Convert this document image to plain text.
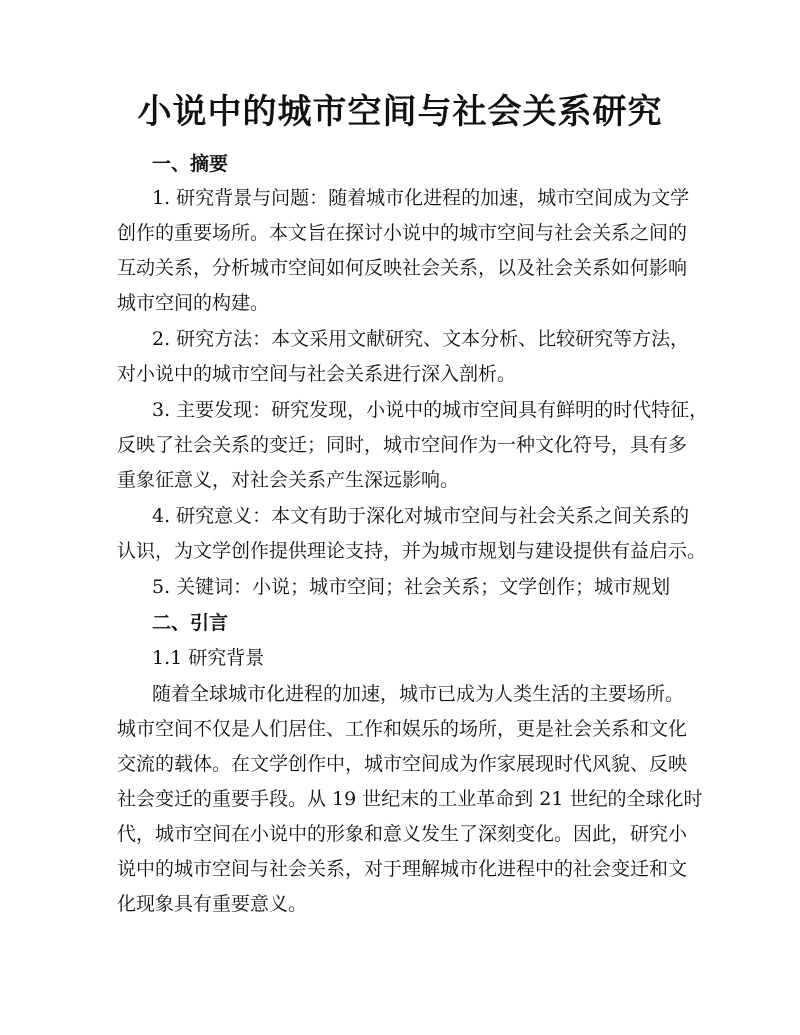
小说中的城市空间与社会关系研究
一、摘要
1. 研究背景与问题：随着城市化进程的加速，城市空间成为文学
创作的重要场所。本文旨在探讨小说中的城市空间与社会关系之间的
互动关系，分析城市空间如何反映社会关系，以及社会关系如何影响
城市空间的构建。
2. 研究方法：本文采用文献研究、文本分析、比较研究等方法，
对小说中的城市空间与社会关系进行深入剖析。
3. 主要发现：研究发现，小说中的城市空间具有鲜明的时代特征，
反映了社会关系的变迁；同时，城市空间作为一种文化符号，具有多
重象征意义，对社会关系产生深远影响。
4. 研究意义：本文有助于深化对城市空间与社会关系之间关系的
认识，为文学创作提供理论支持，并为城市规划与建设提供有益启示。
5. 关键词：小说；城市空间；社会关系；文学创作；城市规划
二、引言
1.1 研究背景
随着全球城市化进程的加速，城市已成为人类生活的主要场所。
城市空间不仅是人们居住、工作和娱乐的场所，更是社会关系和文化
交流的载体。在文学创作中，城市空间成为作家展现时代风貌、反映
社会变迁的重要手段。从 19 世纪末的工业革命到 21 世纪的全球化时
代，城市空间在小说中的形象和意义发生了深刻变化。因此，研究小
说中的城市空间与社会关系，对于理解城市化进程中的社会变迁和文
化现象具有重要意义。
